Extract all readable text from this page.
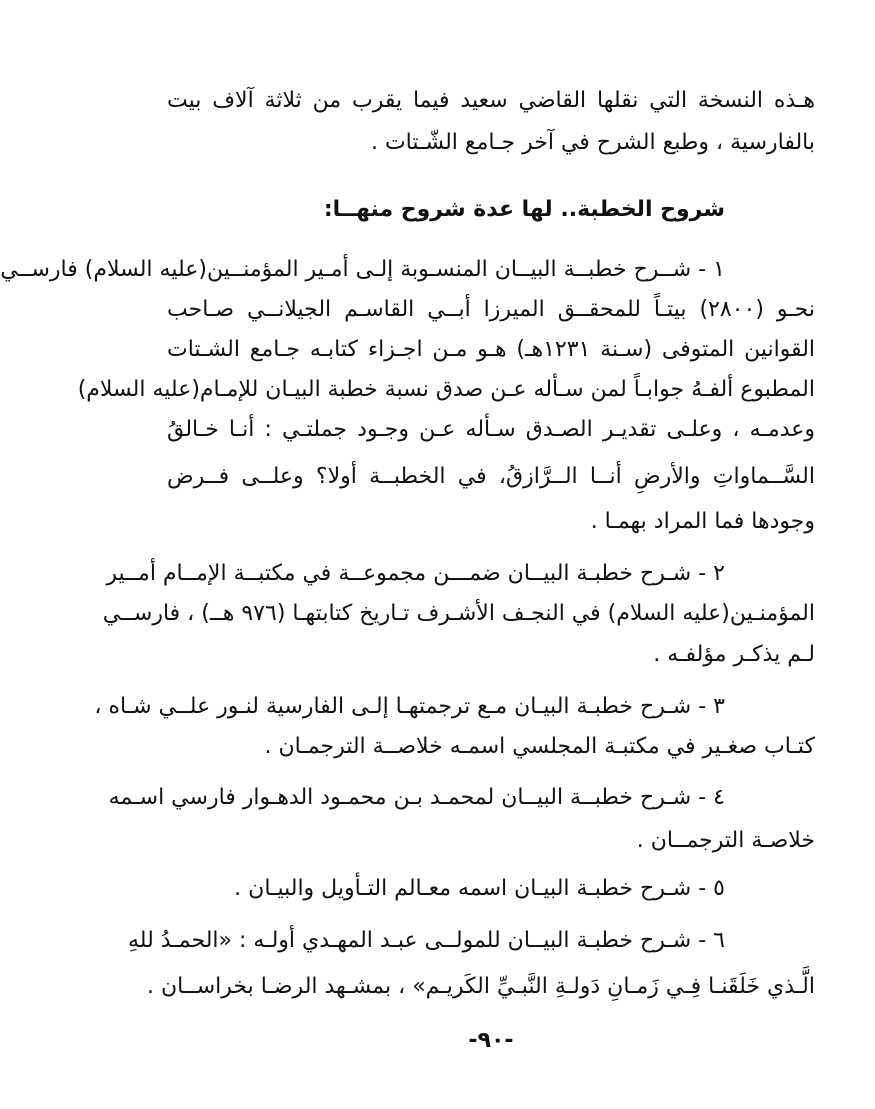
هـذه النسخة التي نقلها القاضي سعيد فيما يقرب من ثلاثة آلاف بيت
بالفارسية ، وطبع الشرح في آخر جـامع الشّـتات .
شروح الخطبة.. لها عدة شروح منهــا:
١ - شــرح خطبــة البيــان المنسـوبة إلـى أمـير المؤمنــين(عليه السلام) فارســي
نحـو (٢٨٠٠) بيتـاً للمحقــق الميرزا أبــي القاسـم الجيلانــي صـاحب
القوانين المتوفى (سـنة ١٢٣١هـ) هـو مـن اجـزاء كتابـه جـامع الشـتات
المطبوع ألفـهُ جوابـاً لمن سـأله عـن صدق نسبة خطبة البيـان للإمـام(عليه السلام)
وعدمـه ، وعلـى تقديـر الصـدق سـأله عـن وجـود جملتـي : أنـا خـالقُ
السَّــماواتِ والأرضِ أنــا الــرَّازقُ، في الخطبــة أولا؟ وعلــى فــرض
وجودها فما المراد بهمـا .
٢ - شـرح خطبـة البيــان ضمـــن مجموعــة في مكتبــة الإمــام أمــير
المؤمنـين(عليه السلام) في النجـف الأشـرف تـاريخ كتابتهـا (٩٧٦ هــ) ، فارســي
لـم يذكـر مؤلفـه .
٣ - شـرح خطبـة البيـان مـع ترجمتهـا إلـى الفارسية لنـور علــي شـاه ،
كتـاب صغـير في مكتبـة المجلسي اسمـه خلاصــة الترجمـان .
٤ - شـرح خطبــة البيــان لمحمـد بـن محمـود الدهـوار فارسي اسـمه
خلاصـة الترجمــان .
٥ - شـرح خطبـة البيـان اسمه معـالم التـأويل والبيـان .
٦ - شـرح خطبـة البيــان للمولــى عبـد المهـدي أولـه : «الحمـدُ للهِ
الَّـذي خَلَقَنـا فِـي زَمـانِ دَولـةِ النَّبـيِّ الكَريـم» ، بمشـهد الرضـا بخراســان .
-٩٠-
